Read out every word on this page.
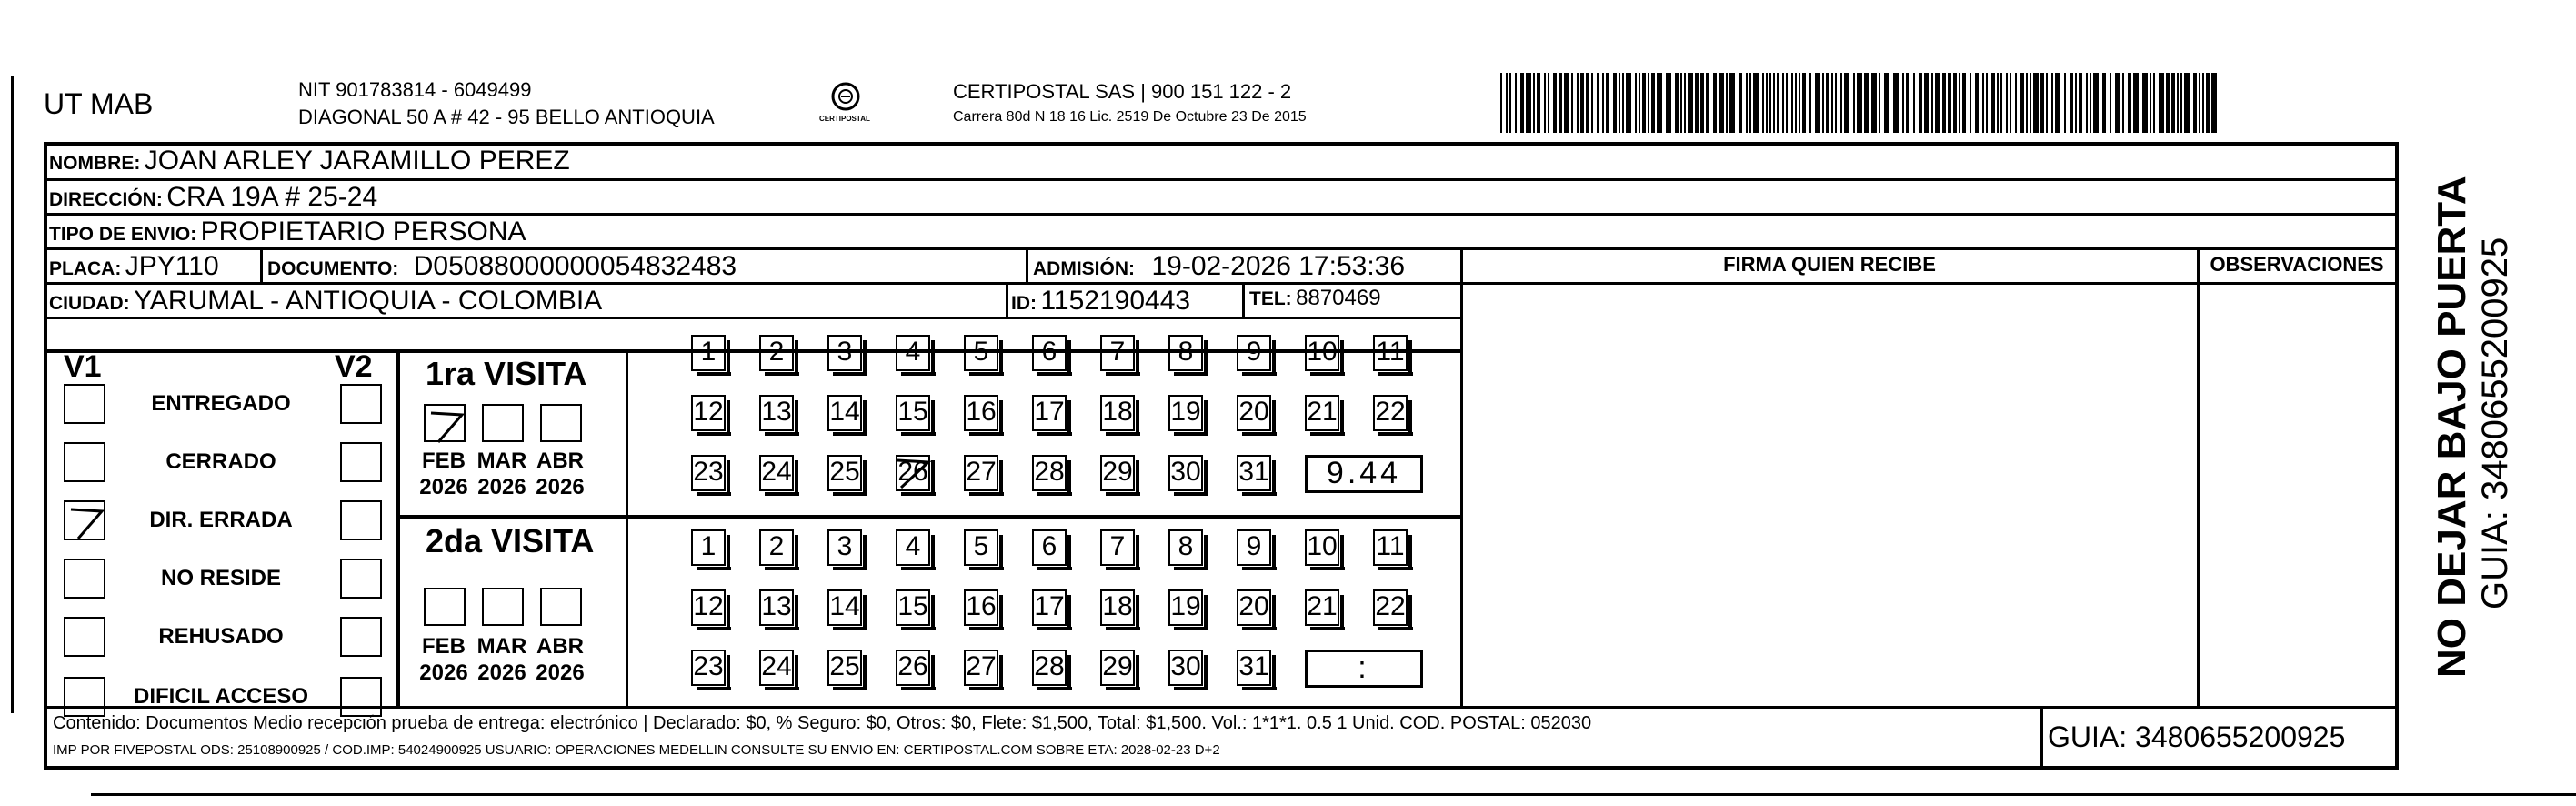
UT MAB	NIT 901783814 - 6049499
DIAGONAL 50 A # 42 - 95 BELLO ANTIOQUIA	CERTIPOSTAL
CERTIPOSTAL SAS | 900 151 122 - 2
Carrera 80d N 18 16 Lic. 2519 De Octubre 23 De 2015
NOMBRE: JOAN ARLEY JARAMILLO PEREZ
DIRECCIÓN: CRA 19A # 25-24
TIPO DE ENVIO: PROPIETARIO PERSONA
FIRMA QUIEN RECIBE	OBSERVACIONES
PLACA: JPY110	DOCUMENTO: D05088000000054832483	ADMISIÓN: 19-02-2026 17:53:36
CIUDAD: YARUMAL - ANTIOQUIA - COLOMBIA	ID: 1152190443	TEL: 8870469
V1	V2
ENTREGADO
CERRADO
DIR. ERRADA
NO RESIDE
REHUSADO
DIFICIL ACCESO
1ra VISITA
FEB
2026
MAR
2026
ABR
2026
1	2	3	4	5	6	7	8	9	10 11
12 13 14 15 16 17 18 19 20 21 22
23 24 25 26 27 28 29 30 31	9.44
2da VISITA
FEB
2026
MAR
2026
ABR
2026
1	2	3	4	5	6	7	8	9	10 11
12 13 14 15 16 17 18 19 20 21 22
23 24 25 26 27 28 29 30 31	:
Contenido: Documentos Medio recepción prueba de entrega: electrónico | Declarado: $0, % Seguro: $0, Otros: $0, Flete: $1,500, Total: $1,500. Vol.: 1*1*1. 0.5 1 Unid. COD. POSTAL: 052030
IMP POR FIVEPOSTAL ODS: 25108900925 / COD.IMP: 54024900925 USUARIO: OPERACIONES MEDELLIN CONSULTE SU ENVIO EN: CERTIPOSTAL.COM SOBRE ETA: 2028-02-23 D+2	GUIA: 3480655200925
NO DEJAR BAJO PUERTA GUIA: 3480655200925
